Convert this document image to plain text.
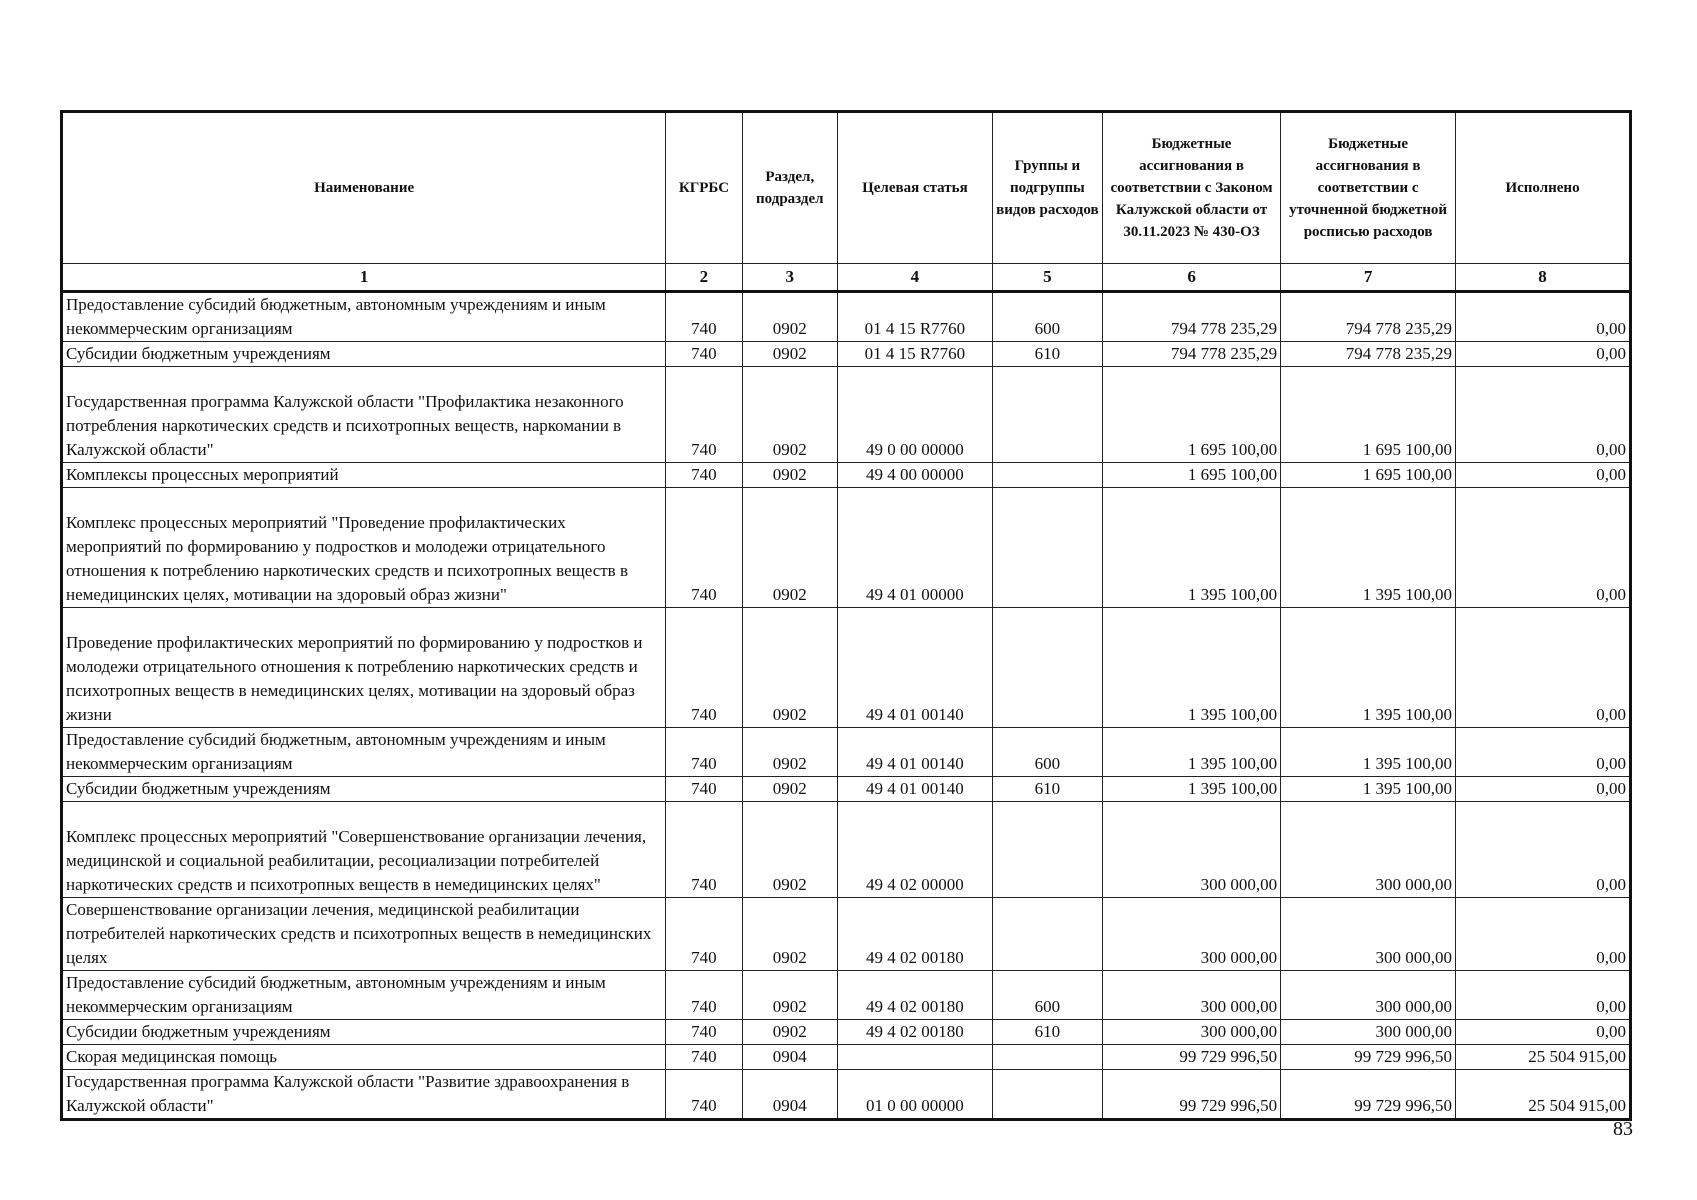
Наименование	КГРБС	Раздел, подраздел	Целевая статья	Группы и подгруппы видов расходов	Бюджетные ассигнования в соответствии с Законом Калужской области от 30.11.2023 № 430-ОЗ	Бюджетные ассигнования в соответствии с уточненной бюджетной росписью расходов	Исполнено
1	2	3	4	5	6	7	8
Предоставление субсидий бюджетным, автономным учреждениям и иным некоммерческим организациям	740	0902	01 4 15 R7760	600	794 778 235,29	794 778 235,29	0,00
Субсидии бюджетным учреждениям	740	0902	01 4 15 R7760	610	794 778 235,29	794 778 235,29	0,00
Государственная программа Калужской области "Профилактика незаконного потребления наркотических средств и психотропных веществ, наркомании в Калужской области"	740	0902	49 0 00 00000		1 695 100,00	1 695 100,00	0,00
Комплексы процессных мероприятий	740	0902	49 4 00 00000		1 695 100,00	1 695 100,00	0,00
Комплекс процессных мероприятий "Проведение профилактических мероприятий по формированию у подростков и молодежи отрицательного отношения к потреблению наркотических средств и психотропных веществ в немедицинских целях, мотивации на здоровый образ жизни"	740	0902	49 4 01 00000		1 395 100,00	1 395 100,00	0,00
Проведение профилактических мероприятий по формированию у подростков и молодежи отрицательного отношения к потреблению наркотических средств и психотропных веществ в немедицинских целях, мотивации на здоровый образ жизни	740	0902	49 4 01 00140		1 395 100,00	1 395 100,00	0,00
Предоставление субсидий бюджетным, автономным учреждениям и иным некоммерческим организациям	740	0902	49 4 01 00140	600	1 395 100,00	1 395 100,00	0,00
Субсидии бюджетным учреждениям	740	0902	49 4 01 00140	610	1 395 100,00	1 395 100,00	0,00
Комплекс процессных мероприятий "Совершенствование организации лечения, медицинской и социальной реабилитации, ресоциализации потребителей наркотических средств и психотропных веществ в немедицинских целях"	740	0902	49 4 02 00000		300 000,00	300 000,00	0,00
Совершенствование организации лечения, медицинской реабилитации потребителей наркотических средств и психотропных веществ в немедицинских целях	740	0902	49 4 02 00180		300 000,00	300 000,00	0,00
Предоставление субсидий бюджетным, автономным учреждениям и иным некоммерческим организациям	740	0902	49 4 02 00180	600	300 000,00	300 000,00	0,00
Субсидии бюджетным учреждениям	740	0902	49 4 02 00180	610	300 000,00	300 000,00	0,00
Скорая медицинская помощь	740	0904			99 729 996,50	99 729 996,50	25 504 915,00
Государственная программа Калужской области "Развитие здравоохранения в Калужской области"	740	0904	01 0 00 00000		99 729 996,50	99 729 996,50	25 504 915,00
83
